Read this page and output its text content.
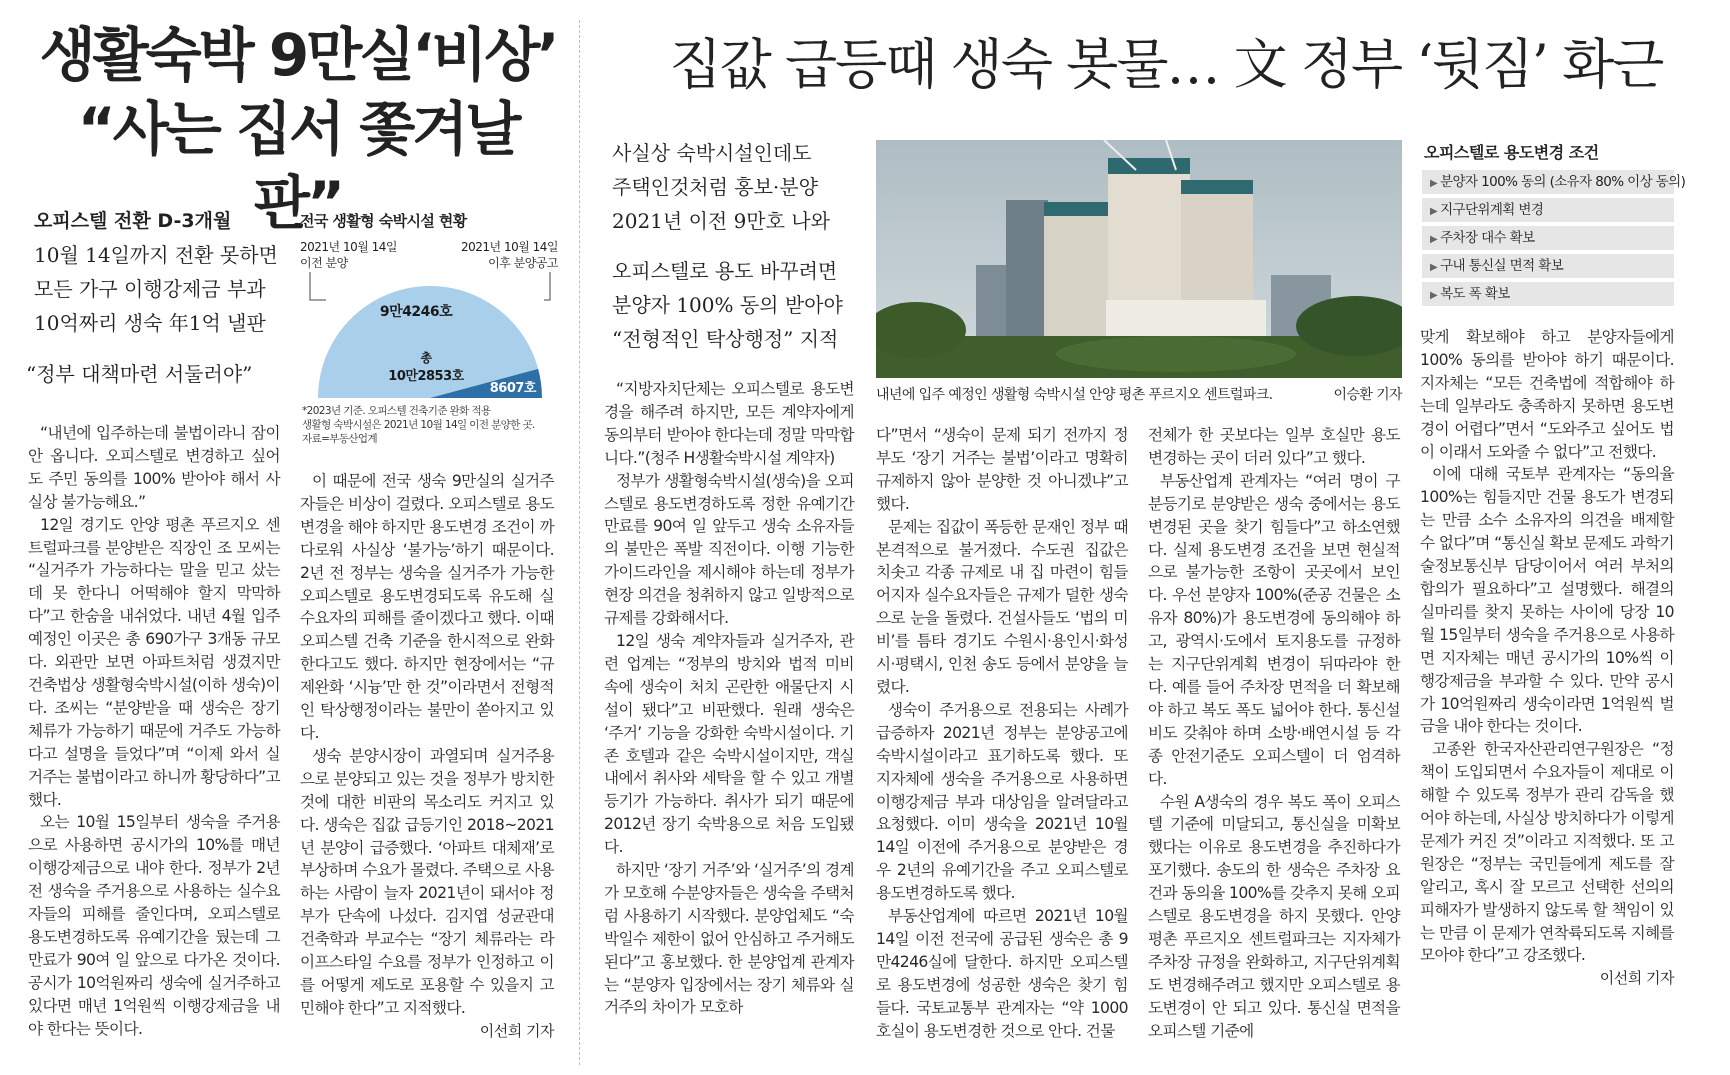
생활숙박 9만실‘비상’
“사는 집서 쫓겨날 판”
집값 급등때 생숙 봇물… 文 정부 ‘뒷짐’ 화근
오피스텔 전환 D-3개월
10월 14일까지 전환 못하면
모든 가구 이행강제금 부과
10억짜리 생숙 年1억 낼판
“정부 대책마련 서둘러야”
전국 생활형 숙박시설 현황
2021년 10월 14일
이전 분양
2021년 10월 14일
이후 분양공고
9만4246호
총
10만2853호
8607호
*2023년 기준. 오피스텔 건축기준 완화 적용
생활형 숙박시설은 2021년 10월 14일 이전 분양한 곳.
자료=부동산업계

“내년에 입주하는데 불법이라니 잠이 안 옵니다. 오피스텔로 변경하고 싶어도 주민 동의를 100% 받아야 해서 사실상 불가능해요.”

12일 경기도 안양 평촌 푸르지오 센트럴파크를 분양받은 직장인 조 모씨는 “실거주가 가능하다는 말을 믿고 샀는데 못 한다니 어떡해야 할지 막막하다”고 한숨을 내쉬었다. 내년 4월 입주 예정인 이곳은 총 690가구 3개동 규모다. 외관만 보면 아파트처럼 생겼지만 건축법상 생활형숙박시설(이하 생숙)이다. 조씨는 “분양받을 때 생숙은 장기 체류가 가능하기 때문에 거주도 가능하다고 설명을 들었다”며 “이제 와서 실거주는 불법이라고 하니까 황당하다”고 했다.

오는 10월 15일부터 생숙을 주거용으로 사용하면 공시가의 10%를 매년 이행강제금으로 내야 한다. 정부가 2년 전 생숙을 주거용으로 사용하는 실수요자들의 피해를 줄인다며, 오피스텔로 용도변경하도록 유예기간을 뒀는데 그 만료가 90여 일 앞으로 다가온 것이다. 공시가 10억원짜리 생숙에 실거주하고 있다면 매년 1억원씩 이행강제금을 내야 한다는 뜻이다.

이 때문에 전국 생숙 9만실의 실거주자들은 비상이 걸렸다. 오피스텔로 용도변경을 해야 하지만 용도변경 조건이 까다로워 사실상 ‘불가능’하기 때문이다. 2년 전 정부는 생숙을 실거주가 가능한 오피스텔로 용도변경되도록 유도해 실수요자의 피해를 줄이겠다고 했다. 이때 오피스텔 건축 기준을 한시적으로 완화한다고도 했다. 하지만 현장에서는 “규제완화 ‘시늉’만 한 것”이라면서 전형적인 탁상행정이라는 불만이 쏟아지고 있다.

생숙 분양시장이 과열되며 실거주용으로 분양되고 있는 것을 정부가 방치한 것에 대한 비판의 목소리도 커지고 있다. 생숙은 집값 급등기인 2018~2021년 분양이 급증했다. ‘아파트 대체재’로 부상하며 수요가 몰렸다. 주택으로 사용하는 사람이 늘자 2021년이 돼서야 정부가 단속에 나섰다. 김지엽 성균관대 건축학과 부교수는 “장기 체류라는 라이프스타일 수요를 정부가 인정하고 이를 어떻게 제도로 포용할 수 있을지 고민해야 한다”고 지적했다.

이선희 기자
사실상 숙박시설인데도
주택인것처럼 홍보·분양
2021년 이전 9만호 나와
오피스텔로 용도 바꾸려면
분양자 100% 동의 받아야
“전형적인 탁상행정” 지적
내년에 입주 예정인 생활형 숙박시설 안양 평촌 푸르지오 센트럴파크.	이승환 기자

“지방자치단체는 오피스텔로 용도변경을 해주려 하지만, 모든 계약자에게 동의부터 받아야 한다는데 정말 막막합니다.”(청주 H생활숙박시설 계약자)

정부가 생활형숙박시설(생숙)을 오피스텔로 용도변경하도록 정한 유예기간 만료를 90여 일 앞두고 생숙 소유자들의 불만은 폭발 직전이다. 이행 기능한 가이드라인을 제시해야 하는데 정부가 현장 의견을 청취하지 않고 일방적으로 규제를 강화해서다.

12일 생숙 계약자들과 실거주자, 관련 업계는 “정부의 방치와 법적 미비 속에 생숙이 처치 곤란한 애물단지 시설이 됐다”고 비판했다. 원래 생숙은 ‘주거’ 기능을 강화한 숙박시설이다. 기존 호텔과 같은 숙박시설이지만, 객실 내에서 취사와 세탁을 할 수 있고 개별등기가 가능하다. 취사가 되기 때문에 2012년 장기 숙박용으로 처음 도입됐다.

하지만 ‘장기 거주’와 ‘실거주’의 경계가 모호해 수분양자들은 생숙을 주택처럼 사용하기 시작했다. 분양업체도 “숙박일수 제한이 없어 안심하고 주거해도 된다”고 홍보했다. 한 분양업계 관계자는 “분양자 입장에서는 장기 체류와 실거주의 차이가 모호하

다”면서 “생숙이 문제 되기 전까지 정부도 ‘장기 거주는 불법’이라고 명확히 규제하지 않아 분양한 것 아니겠냐”고 했다.

문제는 집값이 폭등한 문재인 정부 때 본격적으로 불거졌다. 수도권 집값은 치솟고 각종 규제로 내 집 마련이 힘들어지자 실수요자들은 규제가 덜한 생숙으로 눈을 돌렸다. 건설사들도 ‘법의 미비’를 틈타 경기도 수원시·용인시·화성시·평택시, 인천 송도 등에서 분양을 늘렸다.

생숙이 주거용으로 전용되는 사례가 급증하자 2021년 정부는 분양공고에 숙박시설이라고 표기하도록 했다. 또 지자체에 생숙을 주거용으로 사용하면 이행강제금 부과 대상임을 알려달라고 요청했다. 이미 생숙을 2021년 10월 14일 이전에 주거용으로 분양받은 경우 2년의 유예기간을 주고 오피스텔로 용도변경하도록 했다.

부동산업계에 따르면 2021년 10월 14일 이전 전국에 공급된 생숙은 총 9만4246실에 달한다. 하지만 오피스텔로 용도변경에 성공한 생숙은 찾기 힘들다. 국토교통부 관계자는 “약 1000호실이 용도변경한 것으로 안다. 건물

전체가 한 곳보다는 일부 호실만 용도변경하는 곳이 더러 있다”고 했다.

부동산업계 관계자는 “여러 명이 구분등기로 분양받은 생숙 중에서는 용도변경된 곳을 찾기 힘들다”고 하소연했다. 실제 용도변경 조건을 보면 현실적으로 불가능한 조항이 곳곳에서 보인다. 우선 분양자 100%(준공 건물은 소유자 80%)가 용도변경에 동의해야 하고, 광역시·도에서 토지용도를 규정하는 지구단위계획 변경이 뒤따라야 한다. 예를 들어 주차장 면적을 더 확보해야 하고 복도 폭도 넓어야 한다. 통신설비도 갖춰야 하며 소방·배연시설 등 각종 안전기준도 오피스텔이 더 엄격하다.

수원 A생숙의 경우 복도 폭이 오피스텔 기준에 미달되고, 통신실을 미확보했다는 이유로 용도변경을 추진하다가 포기했다. 송도의 한 생숙은 주차장 요건과 동의율 100%를 갖추지 못해 오피스텔로 용도변경을 하지 못했다. 안양 평촌 푸르지오 센트럴파크는 지자체가 주차장 규정을 완화하고, 지구단위계획도 변경해주려고 했지만 오피스텔로 용도변경이 안 되고 있다. 통신실 면적을 오피스텔 기준에

오피스텔로 용도변경 조건
▶ 분양자 100% 동의 (소유자 80% 이상 동의)
▶ 지구단위계획 변경
▶ 주차장 대수 확보
▶ 구내 통신실 면적 확보
▶ 복도 폭 확보

맞게 확보해야 하고 분양자들에게 100% 동의를 받아야 하기 때문이다. 지자체는 “모든 건축법에 적합해야 하는데 일부라도 충족하지 못하면 용도변경이 어렵다”면서 “도와주고 싶어도 법이 이래서 도와줄 수 없다”고 전했다.

이에 대해 국토부 관계자는 “동의율 100%는 힘들지만 건물 용도가 변경되는 만큼 소수 소유자의 의견을 배제할 수 없다”며 “통신실 확보 문제도 과학기술정보통신부 담당이어서 여러 부처의 합의가 필요하다”고 설명했다. 해결의 실마리를 찾지 못하는 사이에 당장 10월 15일부터 생숙을 주거용으로 사용하면 지자체는 매년 공시가의 10%씩 이행강제금을 부과할 수 있다. 만약 공시가 10억원짜리 생숙이라면 1억원씩 벌금을 내야 한다는 것이다.

고종완 한국자산관리연구원장은 “정책이 도입되면서 수요자들이 제대로 이해할 수 있도록 정부가 관리 감독을 했어야 하는데, 사실상 방치하다가 이렇게 문제가 커진 것”이라고 지적했다. 또 고 원장은 “정부는 국민들에게 제도를 잘 알리고, 혹시 잘 모르고 선택한 선의의 피해자가 발생하지 않도록 할 책임이 있는 만큼 이 문제가 연착륙되도록 지혜를 모아야 한다”고 강조했다.

이선희 기자
